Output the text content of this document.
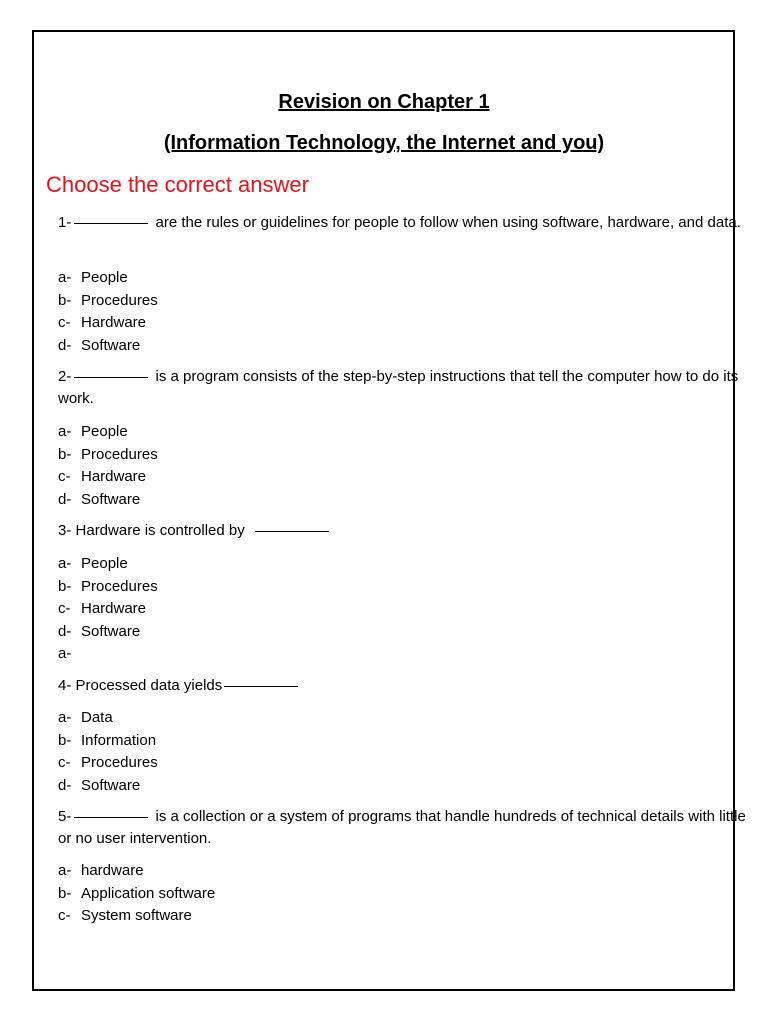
Revision on Chapter 1
(Information Technology, the Internet and you)
Choose the correct answer
1-	are the rules or guidelines for people to follow when using software, hardware, and data.
a- People
b- Procedures
c- Hardware
d- Software
2-	is a program consists of the step-by-step instructions that tell the computer how to do its work.
a- People
b- Procedures
c- Hardware
d- Software
3- Hardware is controlled by
a- People
b- Procedures
c- Hardware
d- Software
a-
4- Processed data yields
a- Data
b- Information
c- Procedures
d- Software
5-	is a collection or a system of programs that handle hundreds of technical details with little or no user intervention.
a- hardware
b- Application software
c- System software
